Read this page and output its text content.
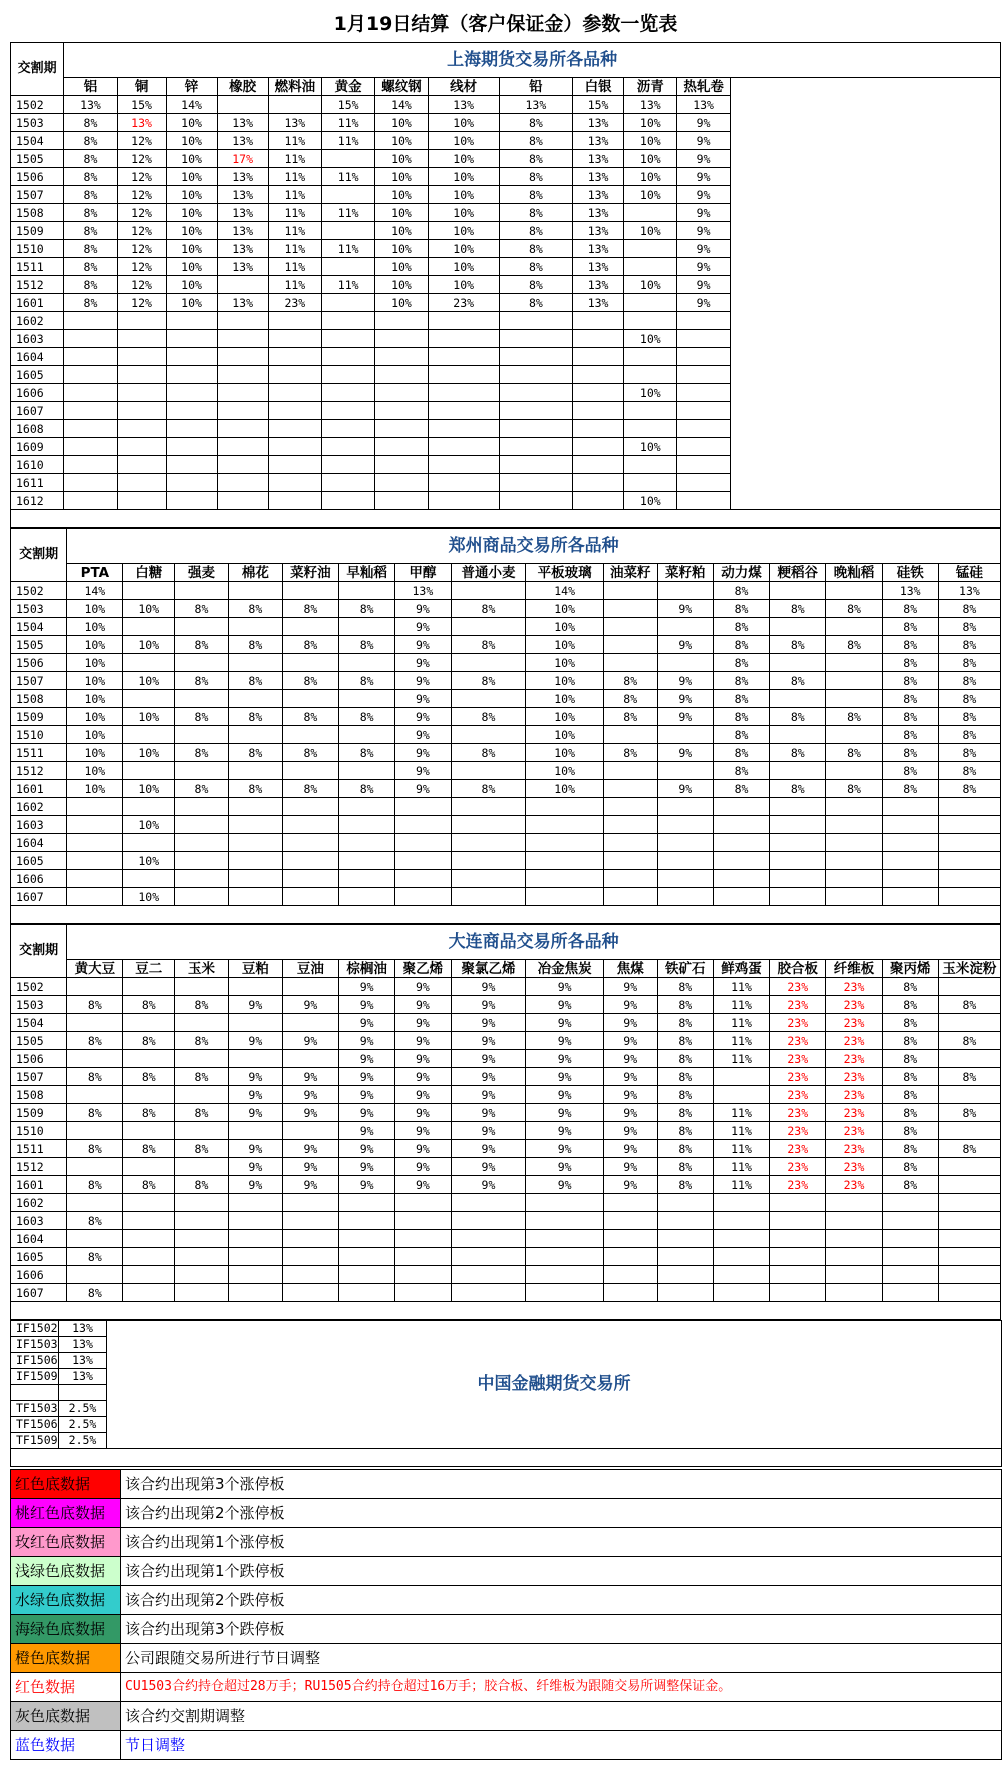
1月19日结算（客户保证金）参数一览表
交割期	上海期货交易所各品种												
	铝	铜	锌	橡胶	燃料油	黄金	螺纹钢	线材	铅	白银	沥青	热轧卷	
1502	13%	15%	14%			15%	14%	13%	13%	15%	13%	13%	
1503	8%	13%	10%	13%	13%	11%	10%	10%	8%	13%	10%	9%	
1504	8%	12%	10%	13%	11%	11%	10%	10%	8%	13%	10%	9%	
1505	8%	12%	10%	17%	11%		10%	10%	8%	13%	10%	9%	
1506	8%	12%	10%	13%	11%	11%	10%	10%	8%	13%	10%	9%	
1507	8%	12%	10%	13%	11%		10%	10%	8%	13%	10%	9%	
1508	8%	12%	10%	13%	11%	11%	10%	10%	8%	13%		9%	
1509	8%	12%	10%	13%	11%		10%	10%	8%	13%	10%	9%	
1510	8%	12%	10%	13%	11%	11%	10%	10%	8%	13%		9%	
1511	8%	12%	10%	13%	11%		10%	10%	8%	13%		9%	
1512	8%	12%	10%		11%	11%	10%	10%	8%	13%	10%	9%	
1601	8%	12%	10%	13%	23%		10%	23%	8%	13%		9%	
1602													
1603											10%		
1604													
1605													
1606											10%		
1607													
1608													
1609											10%		
1610													
1611													
1612											10%		

交割期	郑州商品交易所各品种															
	PTA	白糖	强麦	棉花	菜籽油	早籼稻	甲醇	普通小麦	平板玻璃	油菜籽	菜籽粕	动力煤	粳稻谷	晚籼稻	硅铁	锰硅
1502	14%						13%		14%			8%			13%	13%
1503	10%	10%	8%	8%	8%	8%	9%	8%	10%		9%	8%	8%	8%	8%	8%
1504	10%						9%		10%			8%			8%	8%
1505	10%	10%	8%	8%	8%	8%	9%	8%	10%		9%	8%	8%	8%	8%	8%
1506	10%						9%		10%			8%			8%	8%
1507	10%	10%	8%	8%	8%	8%	9%	8%	10%	8%	9%	8%	8%		8%	8%
1508	10%						9%		10%	8%	9%	8%			8%	8%
1509	10%	10%	8%	8%	8%	8%	9%	8%	10%	8%	9%	8%	8%	8%	8%	8%
1510	10%						9%		10%			8%			8%	8%
1511	10%	10%	8%	8%	8%	8%	9%	8%	10%	8%	9%	8%	8%	8%	8%	8%
1512	10%						9%		10%			8%			8%	8%
1601	10%	10%	8%	8%	8%	8%	9%	8%	10%		9%	8%	8%	8%	8%	8%
1602																
1603		10%														
1604																
1605		10%														
1606																
1607		10%														

交割期	大连商品交易所各品种															
	黄大豆	豆二	玉米	豆粕	豆油	棕榈油	聚乙烯	聚氯乙烯	冶金焦炭	焦煤	铁矿石	鲜鸡蛋	胶合板	纤维板	聚丙烯	玉米淀粉
1502						9%	9%	9%	9%	9%	8%	11%	23%	23%	8%	
1503	8%	8%	8%	9%	9%	9%	9%	9%	9%	9%	8%	11%	23%	23%	8%	8%
1504						9%	9%	9%	9%	9%	8%	11%	23%	23%	8%	
1505	8%	8%	8%	9%	9%	9%	9%	9%	9%	9%	8%	11%	23%	23%	8%	8%
1506						9%	9%	9%	9%	9%	8%	11%	23%	23%	8%	
1507	8%	8%	8%	9%	9%	9%	9%	9%	9%	9%	8%		23%	23%	8%	8%
1508				9%	9%	9%	9%	9%	9%	9%	8%		23%	23%	8%	
1509	8%	8%	8%	9%	9%	9%	9%	9%	9%	9%	8%	11%	23%	23%	8%	8%
1510						9%	9%	9%	9%	9%	8%	11%	23%	23%	8%	
1511	8%	8%	8%	9%	9%	9%	9%	9%	9%	9%	8%	11%	23%	23%	8%	8%
1512				9%	9%	9%	9%	9%	9%	9%	8%	11%	23%	23%	8%	
1601	8%	8%	8%	9%	9%	9%	9%	9%	9%	9%	8%	11%	23%	23%	8%	
1602																
1603	8%															
1604																
1605	8%															
1606																
1607	8%															

IF1502	13%	中国金融期货交易所
IF1503	13%	
IF1506	13%	
IF1509	13%	

TF1503	2.5%	
TF1506	2.5%	
TF1509	2.5%	

红色底数据	该合约出现第3个涨停板
桃红色底数据	该合约出现第2个涨停板
玫红色底数据	该合约出现第1个涨停板
浅绿色底数据	该合约出现第1个跌停板
水绿色底数据	该合约出现第2个跌停板
海绿色底数据	该合约出现第3个跌停板
橙色底数据	公司跟随交易所进行节日调整
红色数据	CU1503合约持仓超过28万手；RU1505合约持仓超过16万手；胶合板、纤维板为跟随交易所调整保证金。
灰色底数据	该合约交割期调整
蓝色数据	节日调整
